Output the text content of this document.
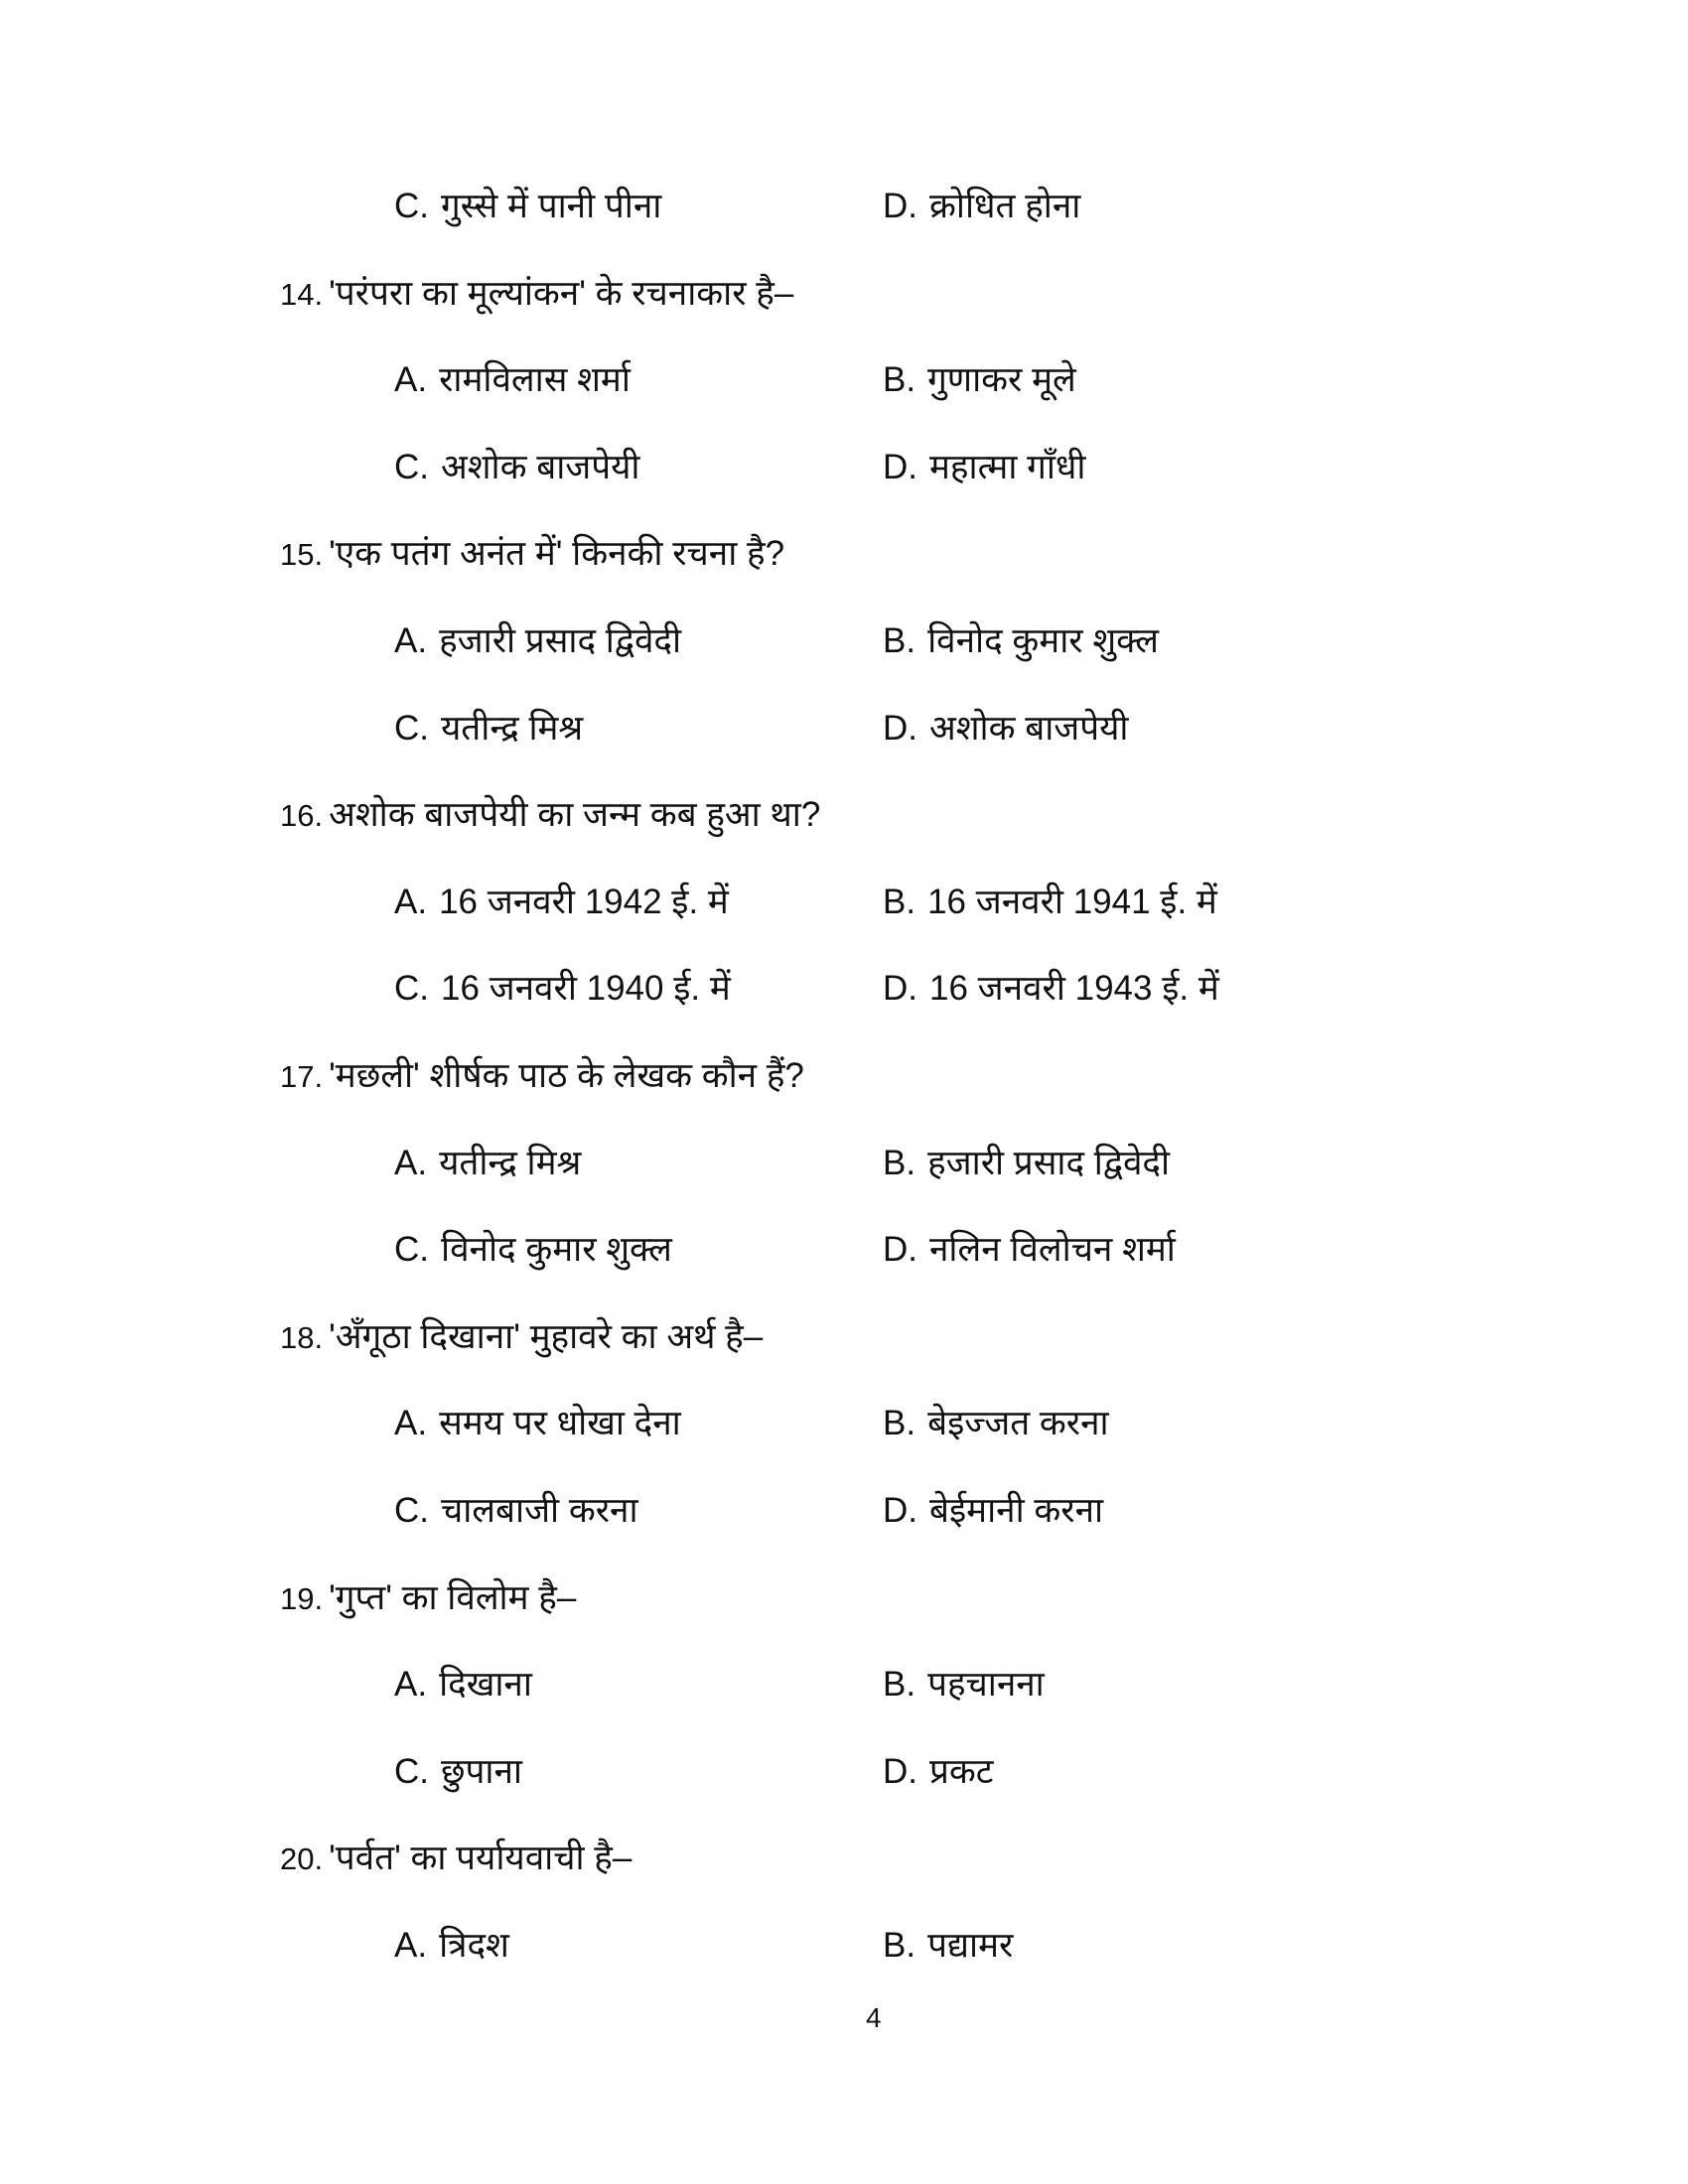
C. गुस्से में पानी पीना	D. क्रोधित होना
14. 'परंपरा का मूल्यांकन' के रचनाकार है–
A. रामविलास शर्मा	B. गुणाकर मूले
C. अशोक बाजपेयी	D. महात्मा गाँधी
15. 'एक पतंग अनंत में' किनकी रचना है?
A. हजारी प्रसाद द्विवेदी	B. विनोद कुमार शुक्ल
C. यतीन्द्र मिश्र	D. अशोक बाजपेयी
16. अशोक बाजपेयी का जन्म कब हुआ था?
A. 16 जनवरी 1942 ई. में	B. 16 जनवरी 1941 ई. में
C. 16 जनवरी 1940 ई. में	D. 16 जनवरी 1943 ई. में
17. 'मछली' शीर्षक पाठ के लेखक कौन हैं?
A. यतीन्द्र मिश्र	B. हजारी प्रसाद द्विवेदी
C. विनोद कुमार शुक्ल	D. नलिन विलोचन शर्मा
18. 'अँगूठा दिखाना' मुहावरे का अर्थ है–
A. समय पर धोखा देना	B. बेइज्जत करना
C. चालबाजी करना	D. बेईमानी करना
19. 'गुप्त' का विलोम है–
A. दिखाना	B. पहचानना
C. छुपाना	D. प्रकट
20. 'पर्वत' का पर्यायवाची है–
A. त्रिदश	B. पद्यामर
4
